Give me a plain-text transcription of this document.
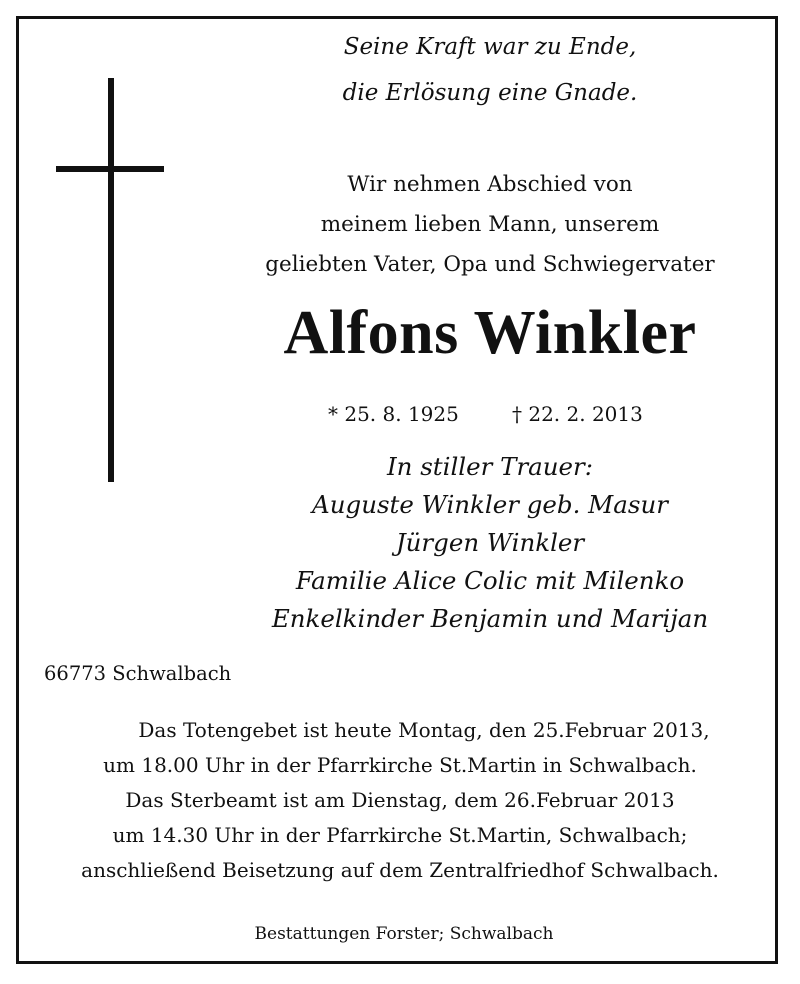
Seine Kraft war zu Ende,
die Erlösung eine Gnade.
Wir nehmen Abschied von
meinem lieben Mann, unserem
geliebten Vater, Opa und Schwiegervater
Alfons Winkler
* 25. 8. 1925	† 22. 2. 2013
In stiller Trauer:
Auguste Winkler geb. Masur
Jürgen Winkler
Familie Alice Colic mit Milenko
Enkelkinder Benjamin und Marijan
66773 Schwalbach
Das Totengebet ist heute Montag, den 25.Februar 2013,
um 18.00 Uhr in der Pfarrkirche St.Martin in Schwalbach.
Das Sterbeamt ist am Dienstag, dem 26.Februar 2013
um 14.30 Uhr in der Pfarrkirche St.Martin, Schwalbach;
anschließend Beisetzung auf dem Zentralfriedhof Schwalbach.
Bestattungen Forster; Schwalbach
